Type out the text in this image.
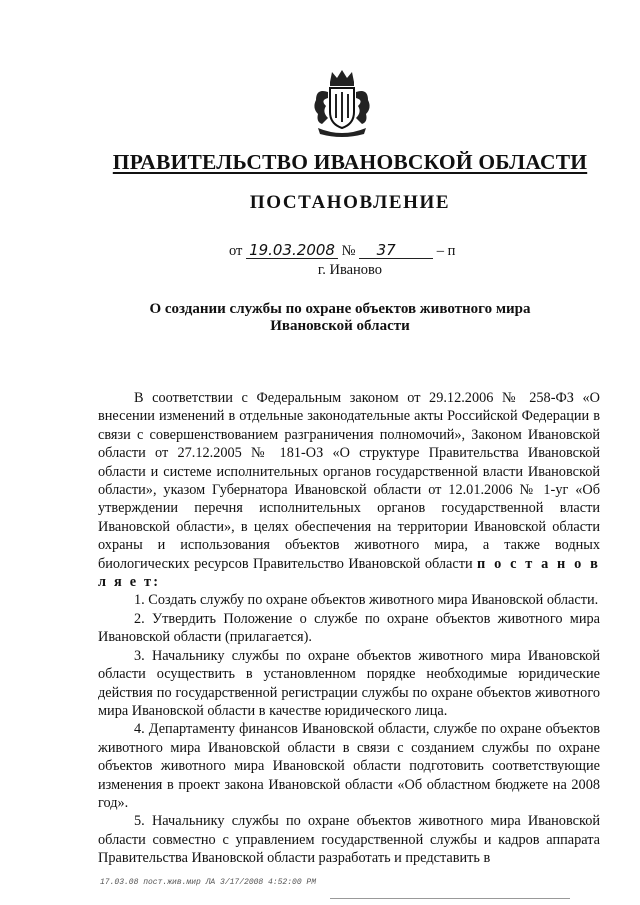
ПРАВИТЕЛЬСТВО ИВАНОВСКОЙ ОБЛАСТИ
ПОСТАНОВЛЕНИЕ
от 19.03.2008 № 37	– п
г. Иваново
О создании службы по охране объектов животного мира
Ивановской области

В соответствии с Федеральным законом от 29.12.2006 № 258-ФЗ «О внесении изменений в отдельные законодательные акты Российской Федерации в связи с совершенствованием разграничения полномочий», Законом Ивановской области от 27.12.2005 № 181-ОЗ «О структуре Правительства Ивановской области и системе исполнительных органов государственной власти Ивановской области», указом Губернатора Ивановской области от 12.01.2006 № 1-уг «Об утверждении перечня исполнительных органов государственной власти Ивановской области», в целях обеспечения на территории Ивановской области охраны и использования объектов животного мира, а также водных биологических ресурсов Правительство Ивановской области п о с т а н о в л я е т:

1. Создать службу по охране объектов животного мира Ивановской области.

2. Утвердить Положение о службе по охране объектов животного мира Ивановской области (прилагается).

3. Начальнику службы по охране объектов животного мира Ивановской области осуществить в установленном порядке необходимые юридические действия по государственной регистрации службы по охране объектов животного мира Ивановской области в качестве юридического лица.

4. Департаменту финансов Ивановской области, службе по охране объектов животного мира Ивановской области в связи с созданием службы по охране объектов животного мира Ивановской области подготовить соответствующие изменения в проект закона Ивановской области «Об областном бюджете на 2008 год».

5. Начальнику службы по охране объектов животного мира Ивановской области совместно с управлением государственной службы и кадров аппарата Правительства Ивановской области разработать и представить в

17.03.08 пост.жив.мир ЛА 3/17/2008 4:52:00 PM
